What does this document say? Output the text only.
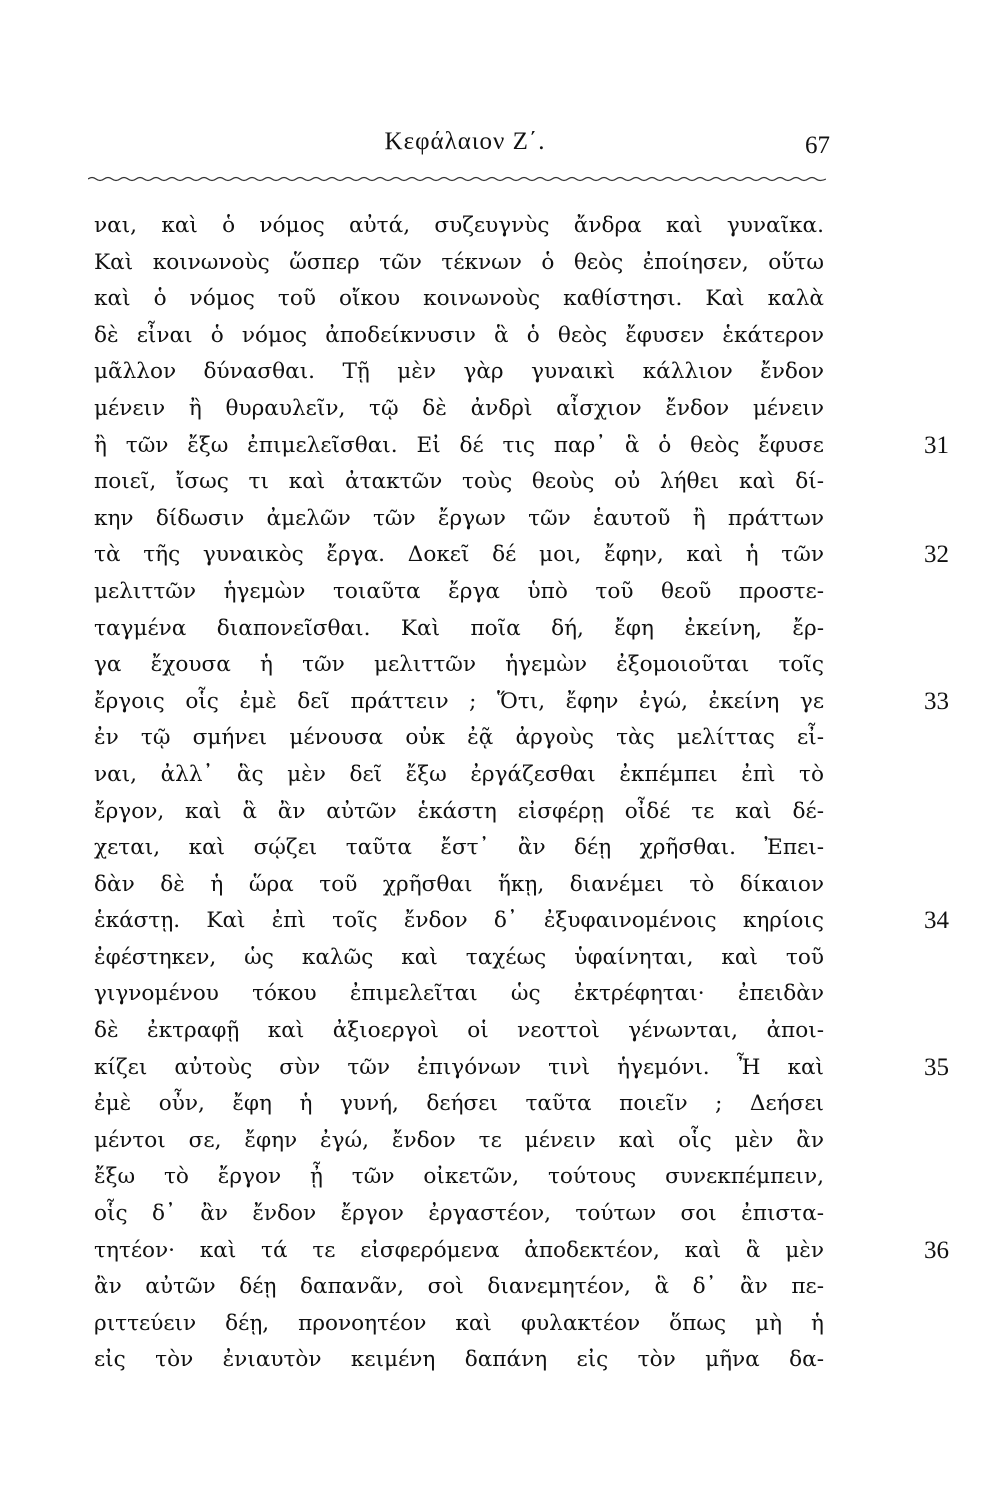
Κεφάλαιον Ζ΄.	67
ναι, καὶ ὁ νόμος αὐτά, συζευγνὺς ἄνδρα καὶ γυναῖκα.
Καὶ κοινωνοὺς ὥσπερ τῶν τέκνων ὁ θεὸς ἐποίησεν, οὕτω
καὶ ὁ νόμος τοῦ οἴκου κοινωνοὺς καθίστησι. Καὶ καλὰ
δὲ εἶναι ὁ νόμος ἀποδείκνυσιν ἃ ὁ θεὸς ἔφυσεν ἑκάτερον
μᾶλλον δύνασθαι. Τῇ μὲν γὰρ γυναικὶ κάλλιον ἔνδον
μένειν ἢ θυραυλεῖν, τῷ δὲ ἀνδρὶ αἶσχιον ἔνδον μένειν
ἢ τῶν ἔξω ἐπιμελεῖσθαι. Εἰ δέ τις παρ᾽ ἃ ὁ θεὸς ἔφυσε	31
ποιεῖ, ἴσως τι καὶ ἀτακτῶν τοὺς θεοὺς οὐ λήθει καὶ δί-
κην δίδωσιν ἀμελῶν τῶν ἔργων τῶν ἑαυτοῦ ἢ πράττων
τὰ τῆς γυναικὸς ἔργα. Δοκεῖ δέ μοι, ἔφην, καὶ ἡ τῶν	32
μελιττῶν ἡγεμὼν τοιαῦτα ἔργα ὑπὸ τοῦ θεοῦ προστε-
ταγμένα διαπονεῖσθαι. Καὶ ποῖα δή, ἔφη ἐκείνη, ἔρ-
γα ἔχουσα ἡ τῶν μελιττῶν ἡγεμὼν ἐξομοιοῦται τοῖς
ἔργοις οἷς ἐμὲ δεῖ πράττειν ; Ὅτι, ἔφην ἐγώ, ἐκείνη γε	33
ἐν τῷ σμήνει μένουσα οὐκ ἐᾷ ἀργοὺς τὰς μελίττας εἶ-
ναι, ἀλλ᾽ ἃς μὲν δεῖ ἔξω ἐργάζεσθαι ἐκπέμπει ἐπὶ τὸ
ἔργον, καὶ ἃ ἂν αὐτῶν ἑκάστη εἰσφέρῃ οἶδέ τε καὶ δέ-
χεται, καὶ σῴζει ταῦτα ἔστ᾽ ἂν δέῃ χρῆσθαι. Ἐπει-
δὰν δὲ ἡ ὥρα τοῦ χρῆσθαι ἥκῃ, διανέμει τὸ δίκαιον
ἑκάστῃ. Καὶ ἐπὶ τοῖς ἔνδον δ᾽ ἐξυφαινομένοις κηρίοις	34
ἐφέστηκεν, ὡς καλῶς καὶ ταχέως ὑφαίνηται, καὶ τοῦ
γιγνομένου τόκου ἐπιμελεῖται ὡς ἐκτρέφηται· ἐπειδὰν
δὲ ἐκτραφῇ καὶ ἀξιοεργοὶ οἱ νεοττοὶ γένωνται, ἀποι-
κίζει αὐτοὺς σὺν τῶν ἐπιγόνων τινὶ ἡγεμόνι. Ἦ καὶ	35
ἐμὲ οὖν, ἔφη ἡ γυνή, δεήσει ταῦτα ποιεῖν ; Δεήσει
μέντοι σε, ἔφην ἐγώ, ἔνδον τε μένειν καὶ οἷς μὲν ἂν
ἔξω τὸ ἔργον ᾖ τῶν οἰκετῶν, τούτους συνεκπέμπειν,
οἷς δ᾽ ἂν ἔνδον ἔργον ἐργαστέον, τούτων σοι ἐπιστα-
τητέον· καὶ τά τε εἰσφερόμενα ἀποδεκτέον, καὶ ἃ μὲν	36
ἂν αὐτῶν δέῃ δαπανᾶν, σοὶ διανεμητέον, ἃ δ᾽ ἂν πε-
ριττεύειν δέῃ, προνοητέον καὶ φυλακτέον ὅπως μὴ ἡ
εἰς τὸν ἐνιαυτὸν κειμένη δαπάνη εἰς τὸν μῆνα δα-
